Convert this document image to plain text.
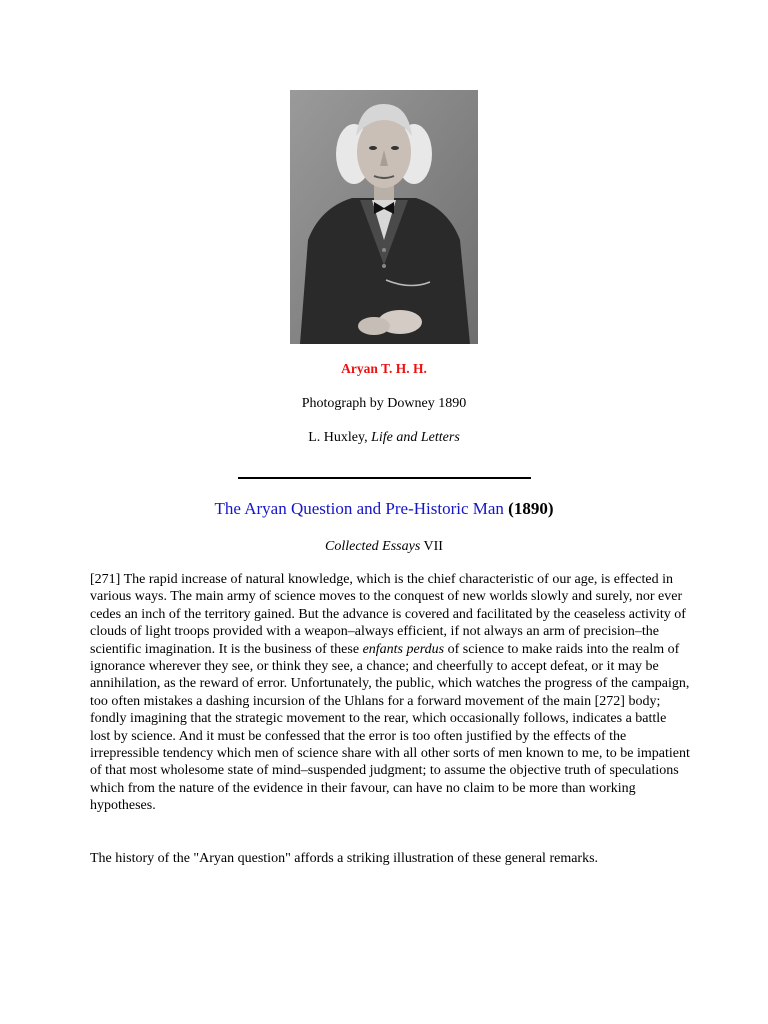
Aryan T. H. H.
Photograph by Downey 1890
L. Huxley, Life and Letters
The Aryan Question and Pre-Historic Man (1890)
Collected Essays VII

[271] The rapid increase of natural knowledge, which is the chief characteristic of our age, is effected in various ways. The main army of science moves to the conquest of new worlds slowly and surely, nor ever cedes an inch of the territory gained. But the advance is covered and facilitated by the ceaseless activity of clouds of light troops provided with a weapon–always efficient, if not always an arm of precision–the scientific imagination. It is the business of these enfants perdus of science to make raids into the realm of ignorance wherever they see, or think they see, a chance; and cheerfully to accept defeat, or it may be annihilation, as the reward of error. Unfortunately, the public, which watches the progress of the campaign, too often mistakes a dashing incursion of the Uhlans for a forward movement of the main [272] body; fondly imagining that the strategic movement to the rear, which occasionally follows, indicates a battle lost by science. And it must be confessed that the error is too often justified by the effects of the irrepressible tendency which men of science share with all other sorts of men known to me, to be impatient of that most wholesome state of mind–suspended judgment; to assume the objective truth of speculations which from the nature of the evidence in their favour, can have no claim to be more than working hypotheses.

The history of the "Aryan question" affords a striking illustration of these general remarks.
